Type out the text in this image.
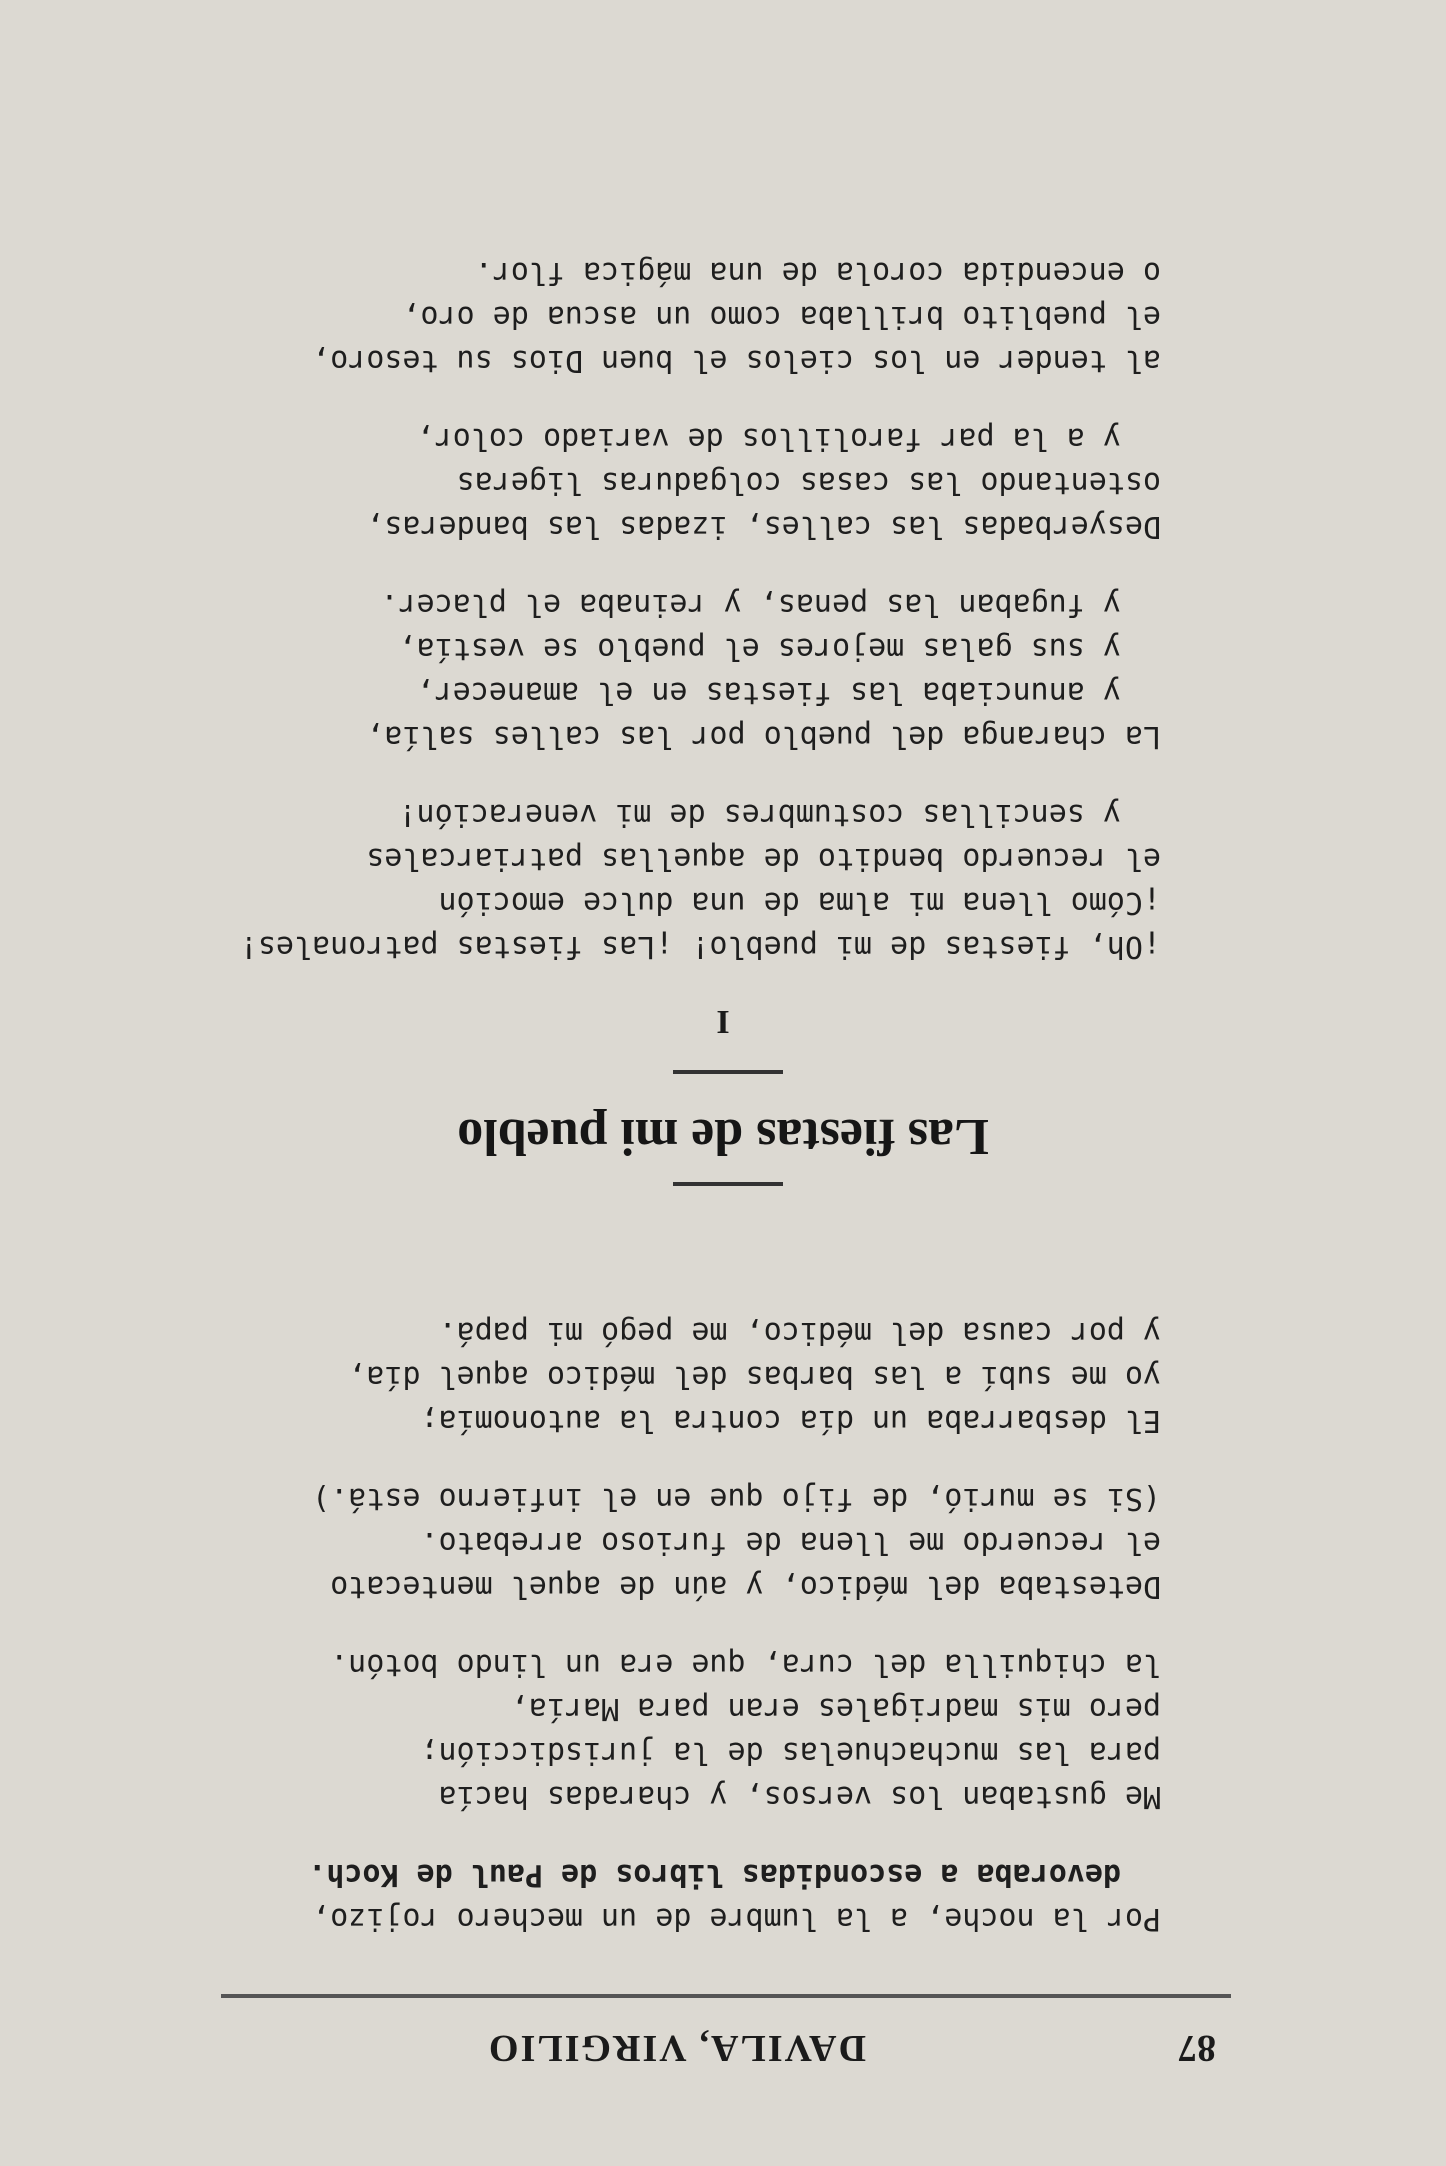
87
DAVILA, VIRGILIO
Por la noche, a la lumbre de un mechero rojizo,
devoraba a escondidas libros de Paul de Koch.
Me gustaban los versos, y charadas hacía
para las muchachuelas de la jurisdicción;
pero mis madrigales eran para María,
la chiquilla del cura, que era un lindo botón.
Detestaba del médico, y aún de aquel mentecato
el recuerdo me llena de furioso arrebato.
(Si se murió, de fijo que en el infierno está.)
El desbarraba un día contra la autonomía;
yo me subí a las barbas del médico aquel día,
y por causa del médico, me pegó mi papá.
Las fiestas de mi pueblo
I
¡Oh, fiestas de mi pueblo! ¡Las fiestas patronales!
¡Cómo llena mi alma de una dulce emoción
el recuerdo bendito de aquellas patriarcales
y sencillas costumbres de mi veneración!
La charanga del pueblo por las calles salía,
y anunciaba las fiestas en el amanecer,
y sus galas mejores el pueblo se vestía,
y fugaban las penas, y reinaba el placer.
Desyerbadas las calles, izadas las banderas,
ostentando las casas colgaduras ligeras
y a la par farolillos de variado color,
al tender en los cielos el buen Dios su tesoro,
el pueblito brillaba como un ascua de oro,
o encendida corola de una mágica flor.
